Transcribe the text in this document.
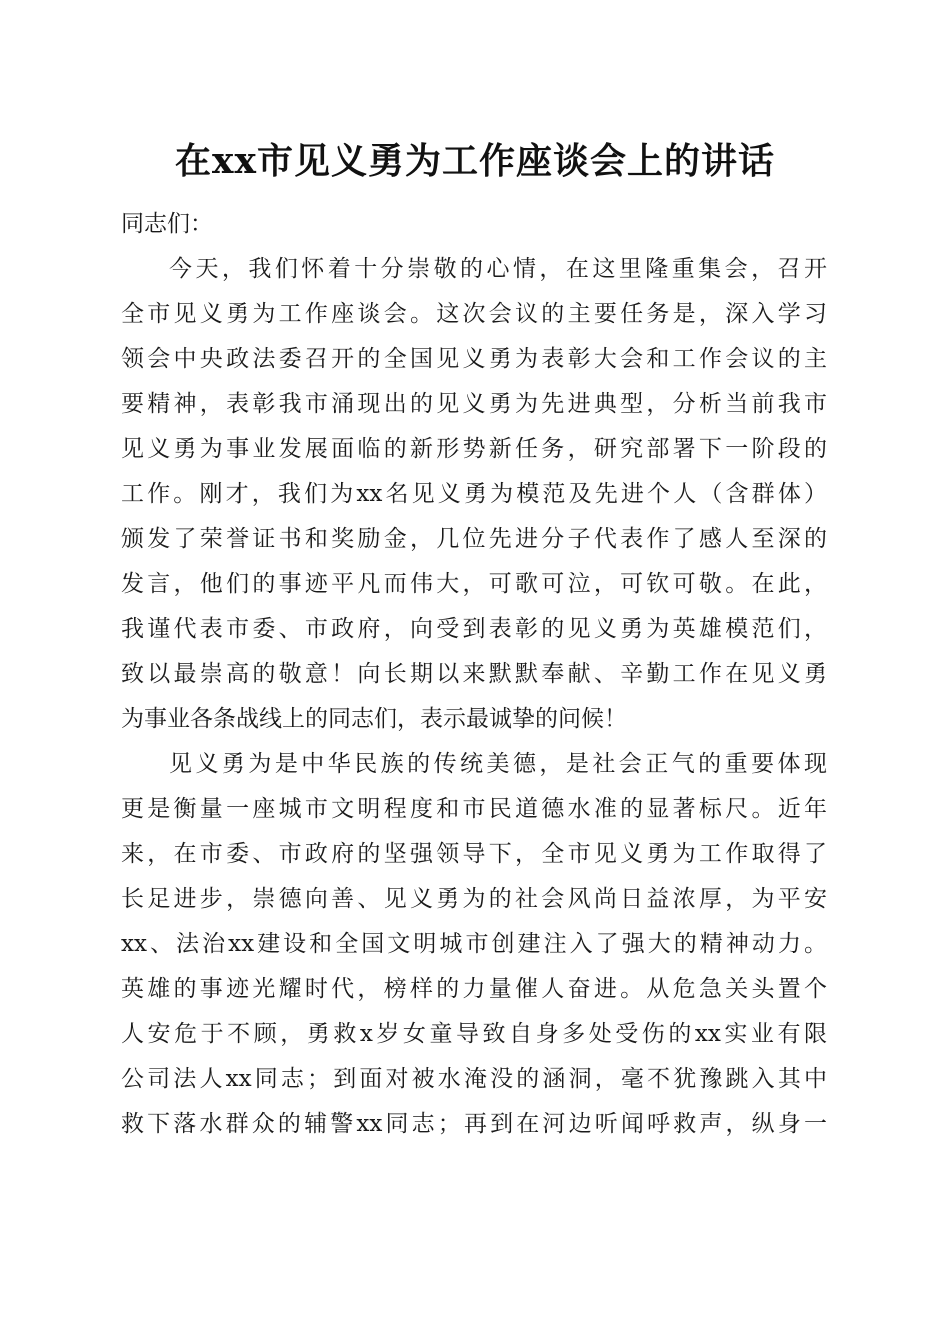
在xx市见义勇为工作座谈会上的讲话
同志们：
今天，我们怀着十分崇敬的心情，在这里隆重集会，召开
全市见义勇为工作座谈会。这次会议的主要任务是，深入学习
领会中央政法委召开的全国见义勇为表彰大会和工作会议的主
要精神，表彰我市涌现出的见义勇为先进典型，分析当前我市
见义勇为事业发展面临的新形势新任务，研究部署下一阶段的
工作。刚才，我们为xx名见义勇为模范及先进个人（含群体）
颁发了荣誉证书和奖励金，几位先进分子代表作了感人至深的
发言，他们的事迹平凡而伟大，可歌可泣，可钦可敬。在此，
我谨代表市委、市政府，向受到表彰的见义勇为英雄模范们，
致以最崇高的敬意！向长期以来默默奉献、辛勤工作在见义勇
为事业各条战线上的同志们，表示最诚挚的问候！
见义勇为是中华民族的传统美德，是社会正气的重要体现
更是衡量一座城市文明程度和市民道德水准的显著标尺。近年
来，在市委、市政府的坚强领导下，全市见义勇为工作取得了
长足进步，崇德向善、见义勇为的社会风尚日益浓厚，为平安
xx、法治xx建设和全国文明城市创建注入了强大的精神动力。
英雄的事迹光耀时代，榜样的力量催人奋进。从危急关头置个
人安危于不顾，勇救x岁女童导致自身多处受伤的xx实业有限
公司法人xx同志；到面对被水淹没的涵洞，毫不犹豫跳入其中
救下落水群众的辅警xx同志；再到在河边听闻呼救声，纵身一
